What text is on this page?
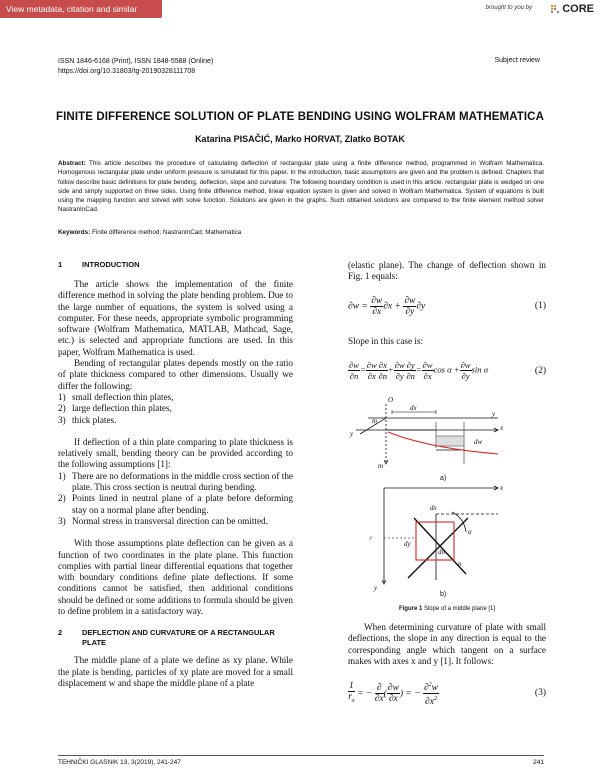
View metadata, citation and similar papers at core.ac.uk
brought to you by	CORE
ISSN 1846-6168 (Print), ISSN 1848-5588 (Online)
https://doi.org/10.31803/tg-20190328111708
Subject review
FINITE DIFFERENCE SOLUTION OF PLATE BENDING USING WOLFRAM MATHEMATICA
Katarina PISAČIĆ, Marko HORVAT, Zlatko BOTAK
Abstract: This article describes the procedure of calculating deflection of rectangular plate using a finite difference method, programmed in Wolfram Mathematica. Homogenous rectangular plate under uniform pressure is simulated for this paper. In the introduction, basic assumptions are given and the problem is defined. Chapters that follow describe basic definitions for plate bending, deflection, slope and curvature. The following boundary condition is used in this article: rectangular plate is wedged on one side and simply supported on three sides. Using finite difference method, linear equation system is given and solved in Wolfram Mathematica. System of equations is built using the mapping function and solved with solve function. Solutions are given in the graphs. Such obtained solutions are compared to the finite element method solver NastranInCad.
Keywords: Finite difference method; NastranInCad; Mathematica
1	INTRODUCTION

The article shows the implementation of the finite difference method in solving the plate bending problem. Due to the large number of equations, the system is solved using a computer. For these needs, appropriate symbolic programming software (Wolfram Mathematica, MATLAB, Mathcad, Sage, etc.) is selected and appropriate functions are used. In this paper, Wolfram Mathematica is used.

Bending of rectangular plates depends mostly on the ratio of plate thickness compared to other dimensions. Usually we differ the following:

1) small deflection thin plates,
2) large deflection thin plates,
3) thick plates.

If deflection of a thin plate comparing to plate thickness is relatively small, bending theory can be provided according to the following assumptions [1]:

1) There are no deformations in the middle cross section of the plate. This cross section is neutral during bending.
2) Points lined in neutral plane of a plate before deforming stay on a normal plane after bending.
3) Normal stress in transversal direction can be omitted.

With those assumptions plate deflection can be given as a function of two coordinates in the plate plane. This function complies with partial linear differential equations that together with boundary conditions define plate deflections. If some conditions cannot be satisfied, then additional conditions should be defined or some additions to formula should be given to define problem in a satisfactory way.

2	DEFLECTION AND CURVATURE OF A RECTANGULAR PLATE

The middle plane of a plate we define as xy plane. While the plate is bending, particles of xy plate are moved for a small displacement w and shape the middle plane of a plate

(elastic plane). The change of deflection shown in Fig. 1 equals:

$\partial w = \frac{\partial w}{\partial x} \partial x + \frac{\partial w}{\partial y} \partial y$	(1)
Slope in this case is:
$\frac{\partial w}{\partial n} = \frac{\partial w}{\partial x} \frac{\partial x}{\partial n} + \frac{\partial w}{\partial y} \frac{\partial y}{\partial n} = \frac{\partial w}{\partial x}$ $\cos \alpha + \frac{\partial w}{\partial y}$ sin α	(2)
x
y
O
y
m
dx
dw
m
a)
x
y
dx
dy
dn
α
n
y
b)
Figure 1 Slope of a middle plane [1]

When determining curvature of plate with small deflections, the slope in any direction is equal to the corresponding angle which tangent on a surface makes with axes x and y [1]. It follows:

$\frac{1}{r_x}$ = − $\frac{\partial}{\partial x}$ ( $\frac{\partial w}{\partial x}$ ) = − $\frac{\partial^2w}{\partial x^2}$	(3)
TEHNIČKI GLASNIK 13, 3(2019), 241-247	241
